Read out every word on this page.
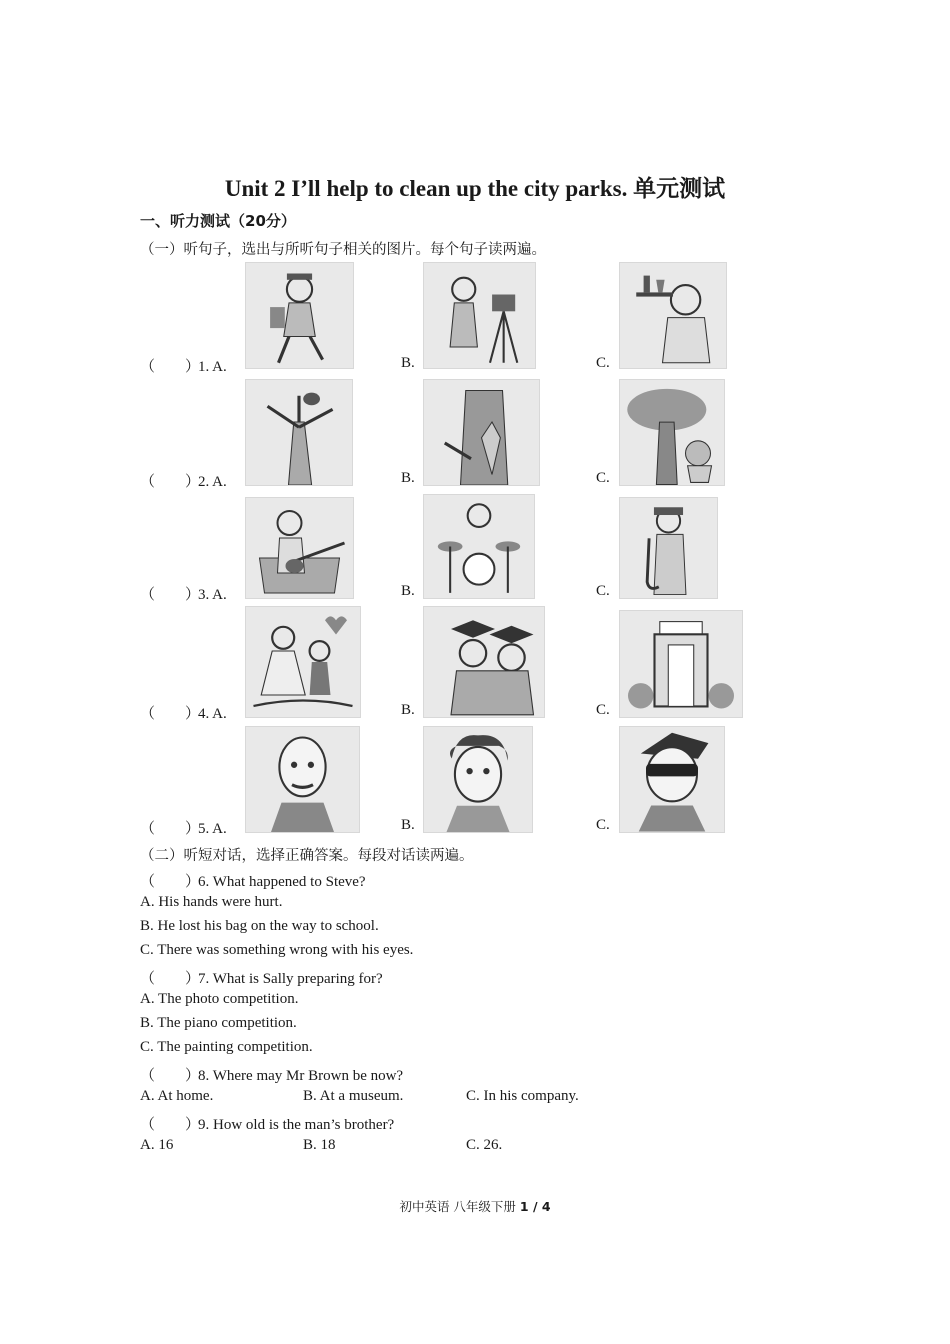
Unit 2 I’ll help to clean up the city parks. 单元测试
一、听力测试（20分）
（一）听句子，选出与所听句子相关的图片。每个句子读两遍。
（　　）1. A.	B.	C.
（　　）2. A.	B.	C.
（　　）3. A.	B.	C.
（　　）4. A.	B.	C.
（　　）5. A.	B.	C.
（二）听短对话，选择正确答案。每段对话读两遍。
（　　）6. What happened to Steve?
A. His hands were hurt.
B. He lost his bag on the way to school.
C. There was something wrong with his eyes.
（　　）7. What is Sally preparing for?
A. The photo competition.
B. The piano competition.
C. The painting competition.
（　　）8. Where may Mr Brown be now?
A. At home.	B. At a museum.	C. In his company.
（　　）9. How old is the man’s brother?
A. 16	B. 18	C. 26.
初中英语 八年级下册 1 / 4
